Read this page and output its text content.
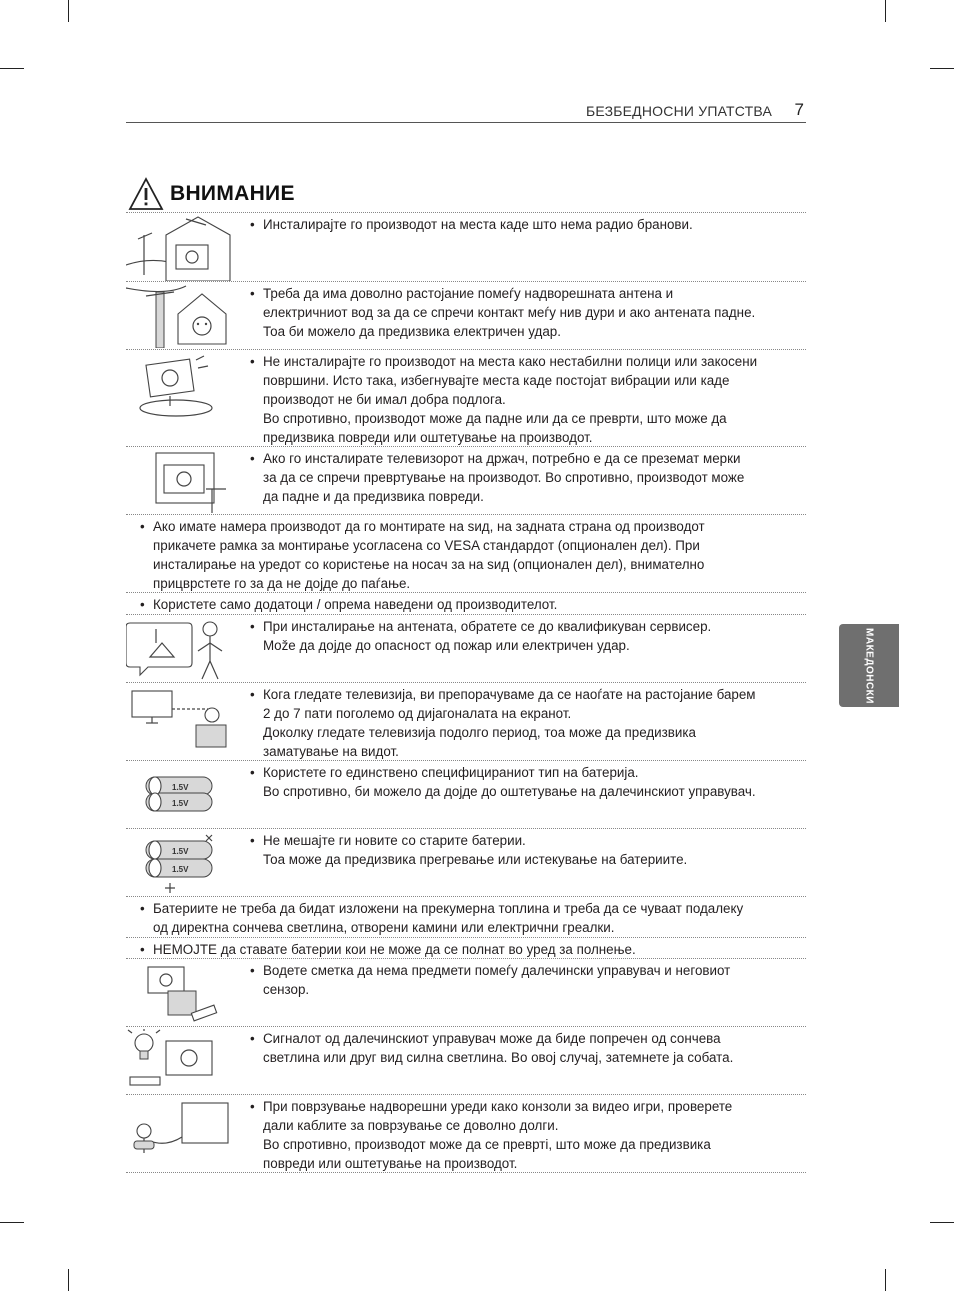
БЕЗБЕДНОСНИ УПАТСТВА 7
ВНИМАНИЕ
МАКЕДОНСКИ
• Инсталирајте го производот на места каде што нема радио бранови.
• Треба да има доволно растојание помеѓу надворешната антена и
електричниот вод за да се спречи контакт меѓу нив дури и ако антената падне.
Тоа би можело да предизвика електричен удар.
• Не инсталирајте го производот на места како нестабилни полици или закосени
површини. Исто така, избегнувајте места каде постојат вибрации или каде
производот не би имал добра подлога.
Во спротивно, производот може да падне или да се преврти, што може да
предизвика повреди или оштетување на производот.
• Ако го инсталирате телевизорот на држач, потребно е да се преземат мерки
за да се спречи превртување на производот. Во спротивно, производот може
да падне и да предизвика повреди.
• Ако имате намера производот да го монтирате на ѕид, на задната страна од производот
прикачете рамка за монтирање усогласена со VESA стандардот (опционален дел). При
инсталирање на уредот со користење на носач за на ѕид (опционален дел), внимателно
прицврстете го за да не дојде до паѓање.
• Користете само додатоци / опрема наведени од производителот.
• При инсталирање на антената, обратете се до квалификуван сервисер.
Мože да дојде до опасност од пожар или електричен удар.
• Кога гледате телевизија, ви препорачуваме да се наоѓате на растојание барем
2 до 7 пати поголемо од дијагоналата на екранот.
Доколку гледате телевизија подолго период, тоа може да предизвика
заматување на видот.
1.5V
1.5V
• Користете го единствено специфицираниот тип на батерија.
Во спротивно, би можело да дојде до оштетување на далечинскиот управувач.
1.5V
1.5V
• Не мешајте ги новите со старите батерии.
Тоа може да предизвика прегревање или истекување на батериите.
• Батериите не треба да бидат изложени на прекумерна топлина и треба да се чуваат подалеку
од директна сончева светлина, отворени камини или електрични греалки.
• НЕМОЈТЕ да ставате батерии кои не може да се полнат во уред за полнење.
• Водете сметка да нема предмети помеѓу далечински управувач и неговиот
сензор.
• Сигналот од далечинскиот управувач може да биде попречен од сончева
светлина или друг вид силна светлина. Во овој случај, затемнете ја собата.
• При поврзување надворешни уреди како конзоли за видео игри, проверете
дали каблите за поврзување се доволно долги.
Во спротивно, производот може да се превртi, што може да предизвика
повреди или оштетување на производот.
